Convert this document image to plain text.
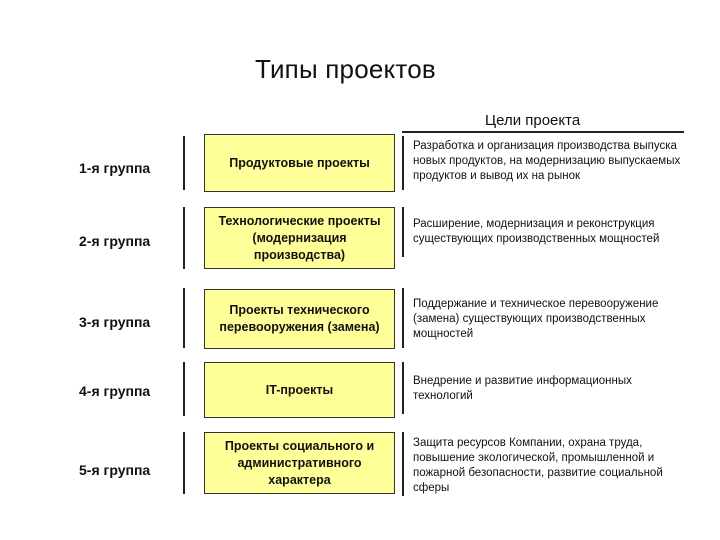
Типы проектов
Цели проекта
1-я группа	Продуктовые проекты
Разработка и организация производства выпуска новых продуктов, на модернизацию выпускаемых продуктов и вывод их на рынок
2-я группа
Технологические проекты (модернизация производства)
Расширение, модернизация и реконструкция существующих производственных мощностей
3-я группа
Проекты технического перевооружения (замена)
Поддержание и техническое перевооружение (замена) существующих производственных мощностей
4-я группа	IT-проекты
Внедрение и развитие информационных технологий
5-я группа
Проекты социального и административного характера
Защита ресурсов Компании, охрана труда, повышение экологической, промышленной и пожарной безопасности, развитие социальной сферы
